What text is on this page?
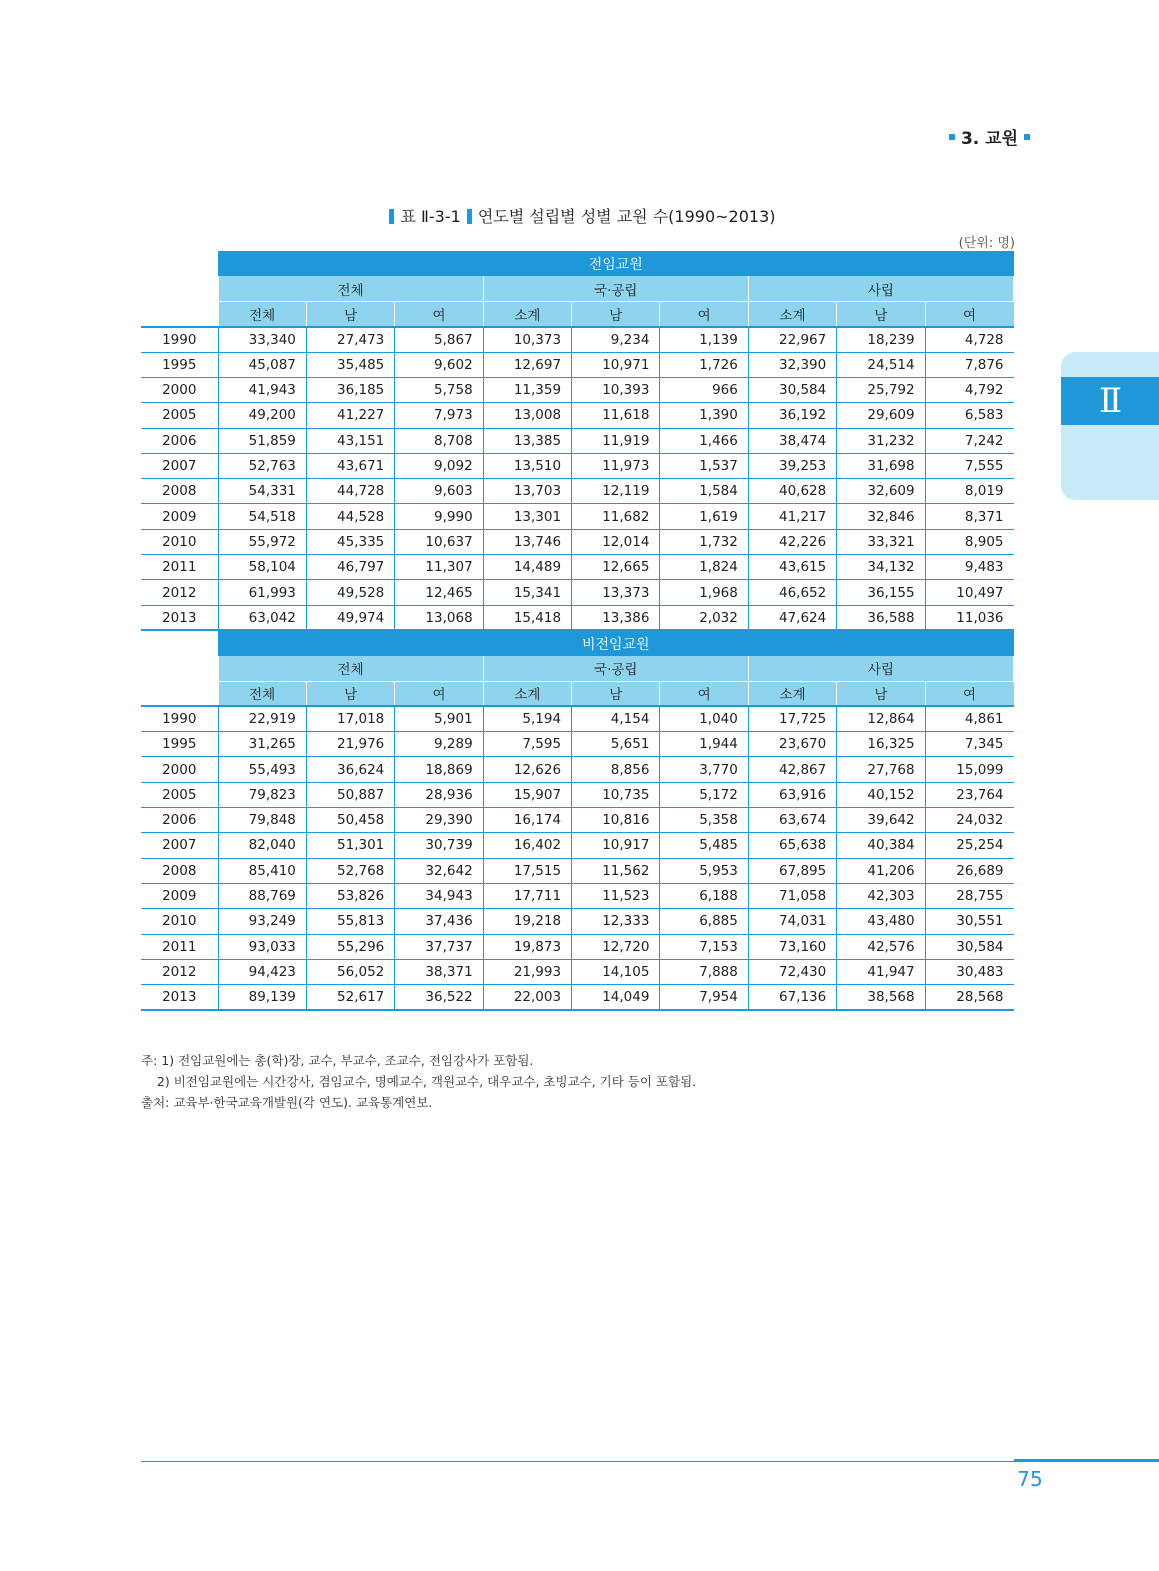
3. 교원
Ⅱ
표 Ⅱ-3-1 연도별 설립별 성별 교원 수(1990~2013)
(단위: 명)
	전임교원								
	전체			국·공립			사립		
	전체	남	여	소계	남	여	소계	남	여
1990	33,340	27,473	5,867	10,373	9,234	1,139	22,967	18,239	4,728
1995	45,087	35,485	9,602	12,697	10,971	1,726	32,390	24,514	7,876
2000	41,943	36,185	5,758	11,359	10,393	966	30,584	25,792	4,792
2005	49,200	41,227	7,973	13,008	11,618	1,390	36,192	29,609	6,583
2006	51,859	43,151	8,708	13,385	11,919	1,466	38,474	31,232	7,242
2007	52,763	43,671	9,092	13,510	11,973	1,537	39,253	31,698	7,555
2008	54,331	44,728	9,603	13,703	12,119	1,584	40,628	32,609	8,019
2009	54,518	44,528	9,990	13,301	11,682	1,619	41,217	32,846	8,371
2010	55,972	45,335	10,637	13,746	12,014	1,732	42,226	33,321	8,905
2011	58,104	46,797	11,307	14,489	12,665	1,824	43,615	34,132	9,483
2012	61,993	49,528	12,465	15,341	13,373	1,968	46,652	36,155	10,497
2013	63,042	49,974	13,068	15,418	13,386	2,032	47,624	36,588	11,036
	비전임교원								
	전체			국·공립			사립		
	전체	남	여	소계	남	여	소계	남	여
1990	22,919	17,018	5,901	5,194	4,154	1,040	17,725	12,864	4,861
1995	31,265	21,976	9,289	7,595	5,651	1,944	23,670	16,325	7,345
2000	55,493	36,624	18,869	12,626	8,856	3,770	42,867	27,768	15,099
2005	79,823	50,887	28,936	15,907	10,735	5,172	63,916	40,152	23,764
2006	79,848	50,458	29,390	16,174	10,816	5,358	63,674	39,642	24,032
2007	82,040	51,301	30,739	16,402	10,917	5,485	65,638	40,384	25,254
2008	85,410	52,768	32,642	17,515	11,562	5,953	67,895	41,206	26,689
2009	88,769	53,826	34,943	17,711	11,523	6,188	71,058	42,303	28,755
2010	93,249	55,813	37,436	19,218	12,333	6,885	74,031	43,480	30,551
2011	93,033	55,296	37,737	19,873	12,720	7,153	73,160	42,576	30,584
2012	94,423	56,052	38,371	21,993	14,105	7,888	72,430	41,947	30,483
2013	89,139	52,617	36,522	22,003	14,049	7,954	67,136	38,568	28,568
주: 1) 전임교원에는 총(학)장, 교수, 부교수, 조교수, 전임강사가 포함됨.
2) 비전임교원에는 시간강사, 겸임교수, 명예교수, 객원교수, 대우교수, 초빙교수, 기타 등이 포함됨.
출처: 교육부·한국교육개발원(각 연도). 교육통계연보.
75
